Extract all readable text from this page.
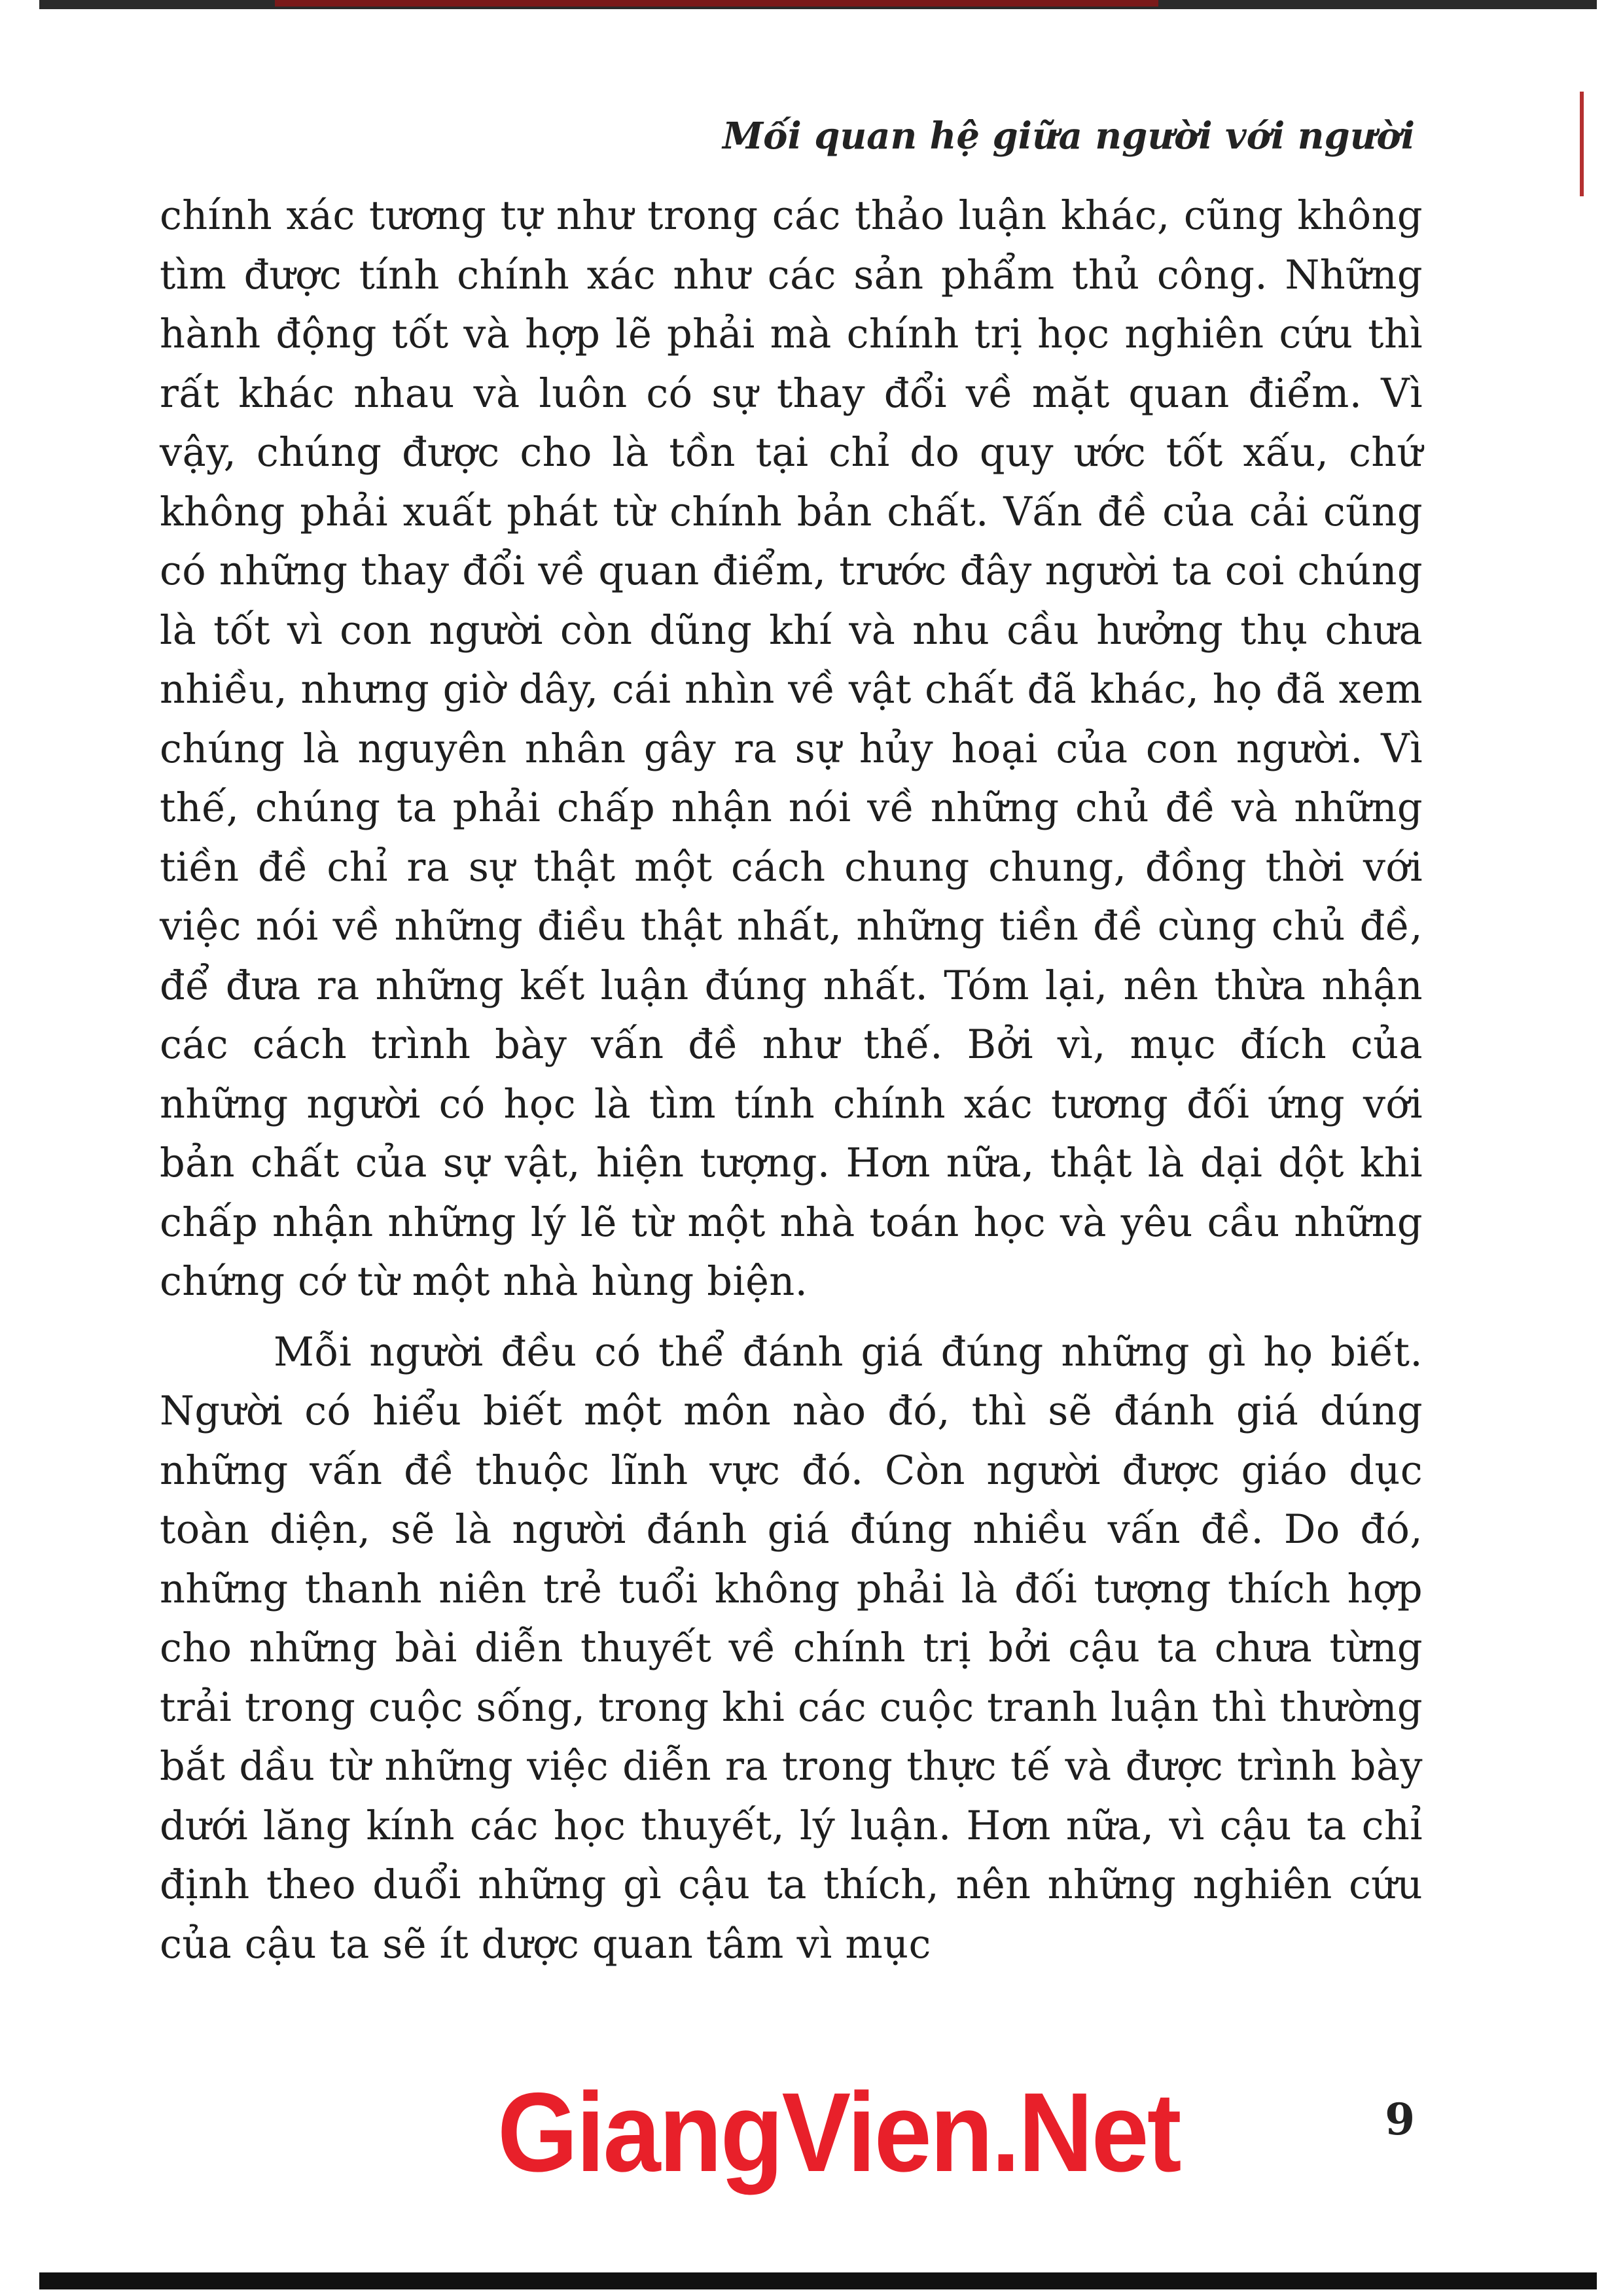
Mối quan hệ giữa người với người

chính xác tương tự như trong các thảo luận khác, cũng không tìm được tính chính xác như các sản phẩm thủ công. Những hành động tốt và hợp lẽ phải mà chính trị học nghiên cứu thì rất khác nhau và luôn có sự thay đổi về mặt quan điểm. Vì vậy, chúng được cho là tồn tại chỉ do quy ước tốt xấu, chứ không phải xuất phát từ chính bản chất. Vấn đề của cải cũng có những thay đổi về quan điểm, trước đây người ta coi chúng là tốt vì con người còn dũng khí và nhu cầu hưởng thụ chưa nhiều, nhưng giờ dây, cái nhìn về vật chất đã khác, họ đã xem chúng là nguyên nhân gây ra sự hủy hoại của con người. Vì thế, chúng ta phải chấp nhận nói về những chủ đề và những tiền đề chỉ ra sự thật một cách chung chung, đồng thời với việc nói về những điều thật nhất, những tiền đề cùng chủ đề, để đưa ra những kết luận đúng nhất. Tóm lại, nên thừa nhận các cách trình bày vấn đề như thế. Bởi vì, mục đích của những người có học là tìm tính chính xác tương đối ứng với bản chất của sự vật, hiện tượng. Hơn nữa, thật là dại dột khi chấp nhận những lý lẽ từ một nhà toán học và yêu cầu những chứng cớ từ một nhà hùng biện.

Mỗi người đều có thể đánh giá đúng những gì họ biết. Người có hiểu biết một môn nào đó, thì sẽ đánh giá dúng những vấn đề thuộc lĩnh vực đó. Còn người được giáo dục toàn diện, sẽ là người đánh giá đúng nhiều vấn đề. Do đó, những thanh niên trẻ tuổi không phải là đối tượng thích hợp cho những bài diễn thuyết về chính trị bởi cậu ta chưa từng trải trong cuộc sống, trong khi các cuộc tranh luận thì thường bắt dầu từ những việc diễn ra trong thực tế và được trình bày dưới lăng kính các học thuyết, lý luận. Hơn nữa, vì cậu ta chỉ định theo duổi những gì cậu ta thích, nên những nghiên cứu của cậu ta sẽ ít dược quan tâm vì mục

GiangVien.Net	9
